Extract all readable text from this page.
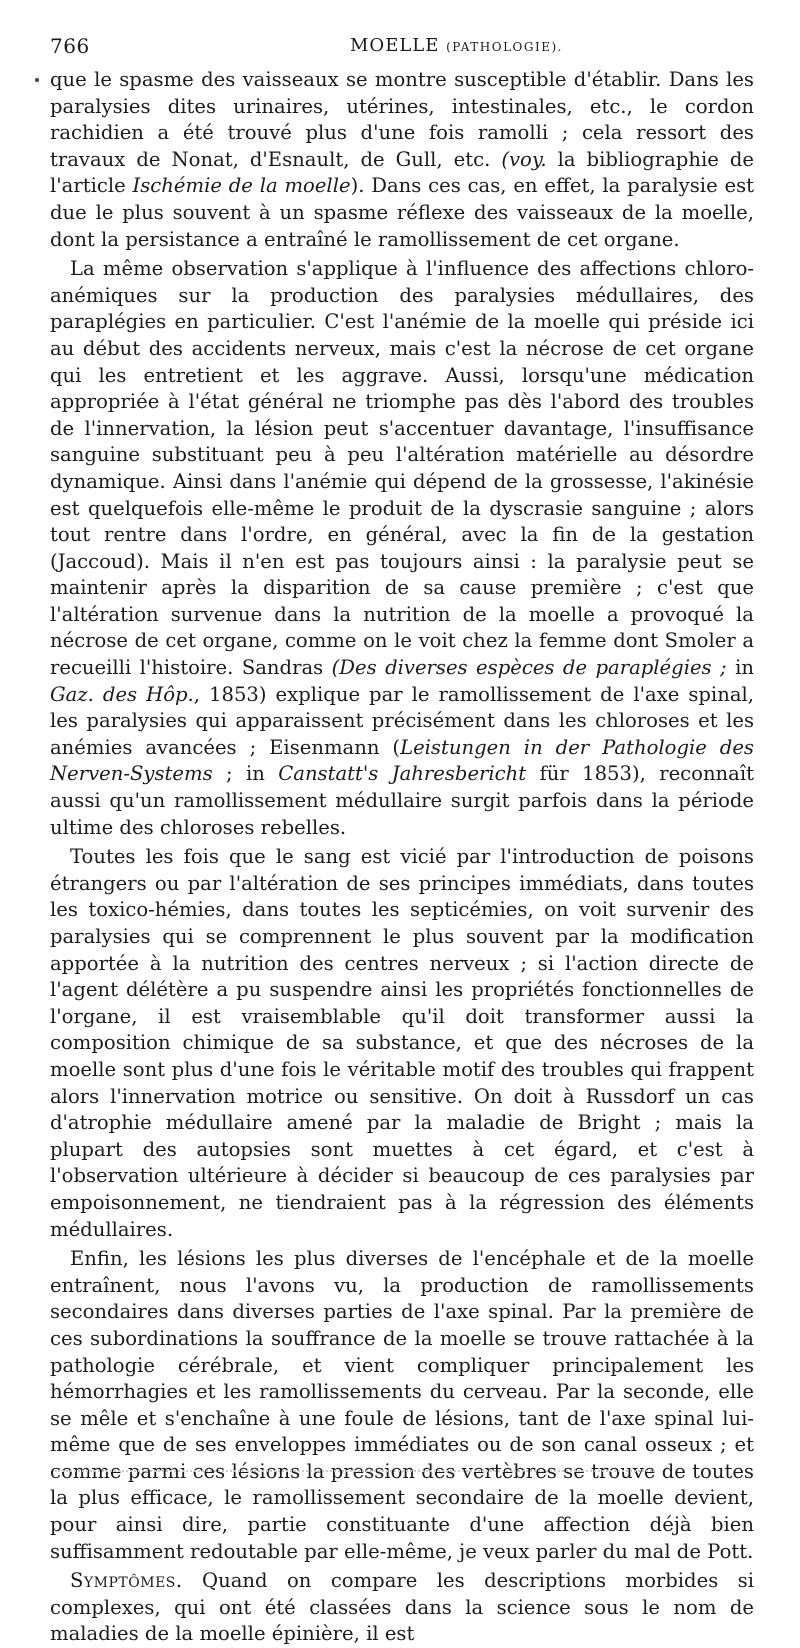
766	MOELLE (PATHOLOGIE).

que le spasme des vaisseaux se montre susceptible d'établir. Dans les paralysies dites urinaires, utérines, intestinales, etc., le cordon rachidien a été trouvé plus d'une fois ramolli ; cela ressort des travaux de Nonat, d'Esnault, de Gull, etc. (voy. la bibliographie de l'article Ischémie de la moelle). Dans ces cas, en effet, la paralysie est due le plus souvent à un spasme réflexe des vaisseaux de la moelle, dont la persistance a entraîné le ramollissement de cet organe.

La même observation s'applique à l'influence des affections chloro-anémiques sur la production des paralysies médullaires, des paraplégies en particulier. C'est l'anémie de la moelle qui préside ici au début des accidents nerveux, mais c'est la nécrose de cet organe qui les entretient et les aggrave. Aussi, lorsqu'une médication appropriée à l'état général ne triomphe pas dès l'abord des troubles de l'innervation, la lésion peut s'accentuer davantage, l'insuffisance sanguine substituant peu à peu l'altération matérielle au désordre dynamique. Ainsi dans l'anémie qui dépend de la grossesse, l'akinésie est quelquefois elle-même le produit de la dyscrasie sanguine ; alors tout rentre dans l'ordre, en général, avec la fin de la gestation (Jaccoud). Mais il n'en est pas toujours ainsi : la paralysie peut se maintenir après la disparition de sa cause première ; c'est que l'altération survenue dans la nutrition de la moelle a provoqué la nécrose de cet organe, comme on le voit chez la femme dont Smoler a recueilli l'histoire. Sandras (Des diverses espèces de paraplégies ; in Gaz. des Hôp., 1853) explique par le ramollissement de l'axe spinal, les paralysies qui apparaissent précisément dans les chloroses et les anémies avancées ; Eisenmann (Leistungen in der Pathologie des Nerven-Systems ; in Canstatt's Jahresbericht für 1853), reconnaît aussi qu'un ramollissement médullaire surgit parfois dans la période ultime des chloroses rebelles.

Toutes les fois que le sang est vicié par l'introduction de poisons étrangers ou par l'altération de ses principes immédiats, dans toutes les toxico-hémies, dans toutes les septicémies, on voit survenir des paralysies qui se comprennent le plus souvent par la modification apportée à la nutrition des centres nerveux ; si l'action directe de l'agent délétère a pu suspendre ainsi les propriétés fonctionnelles de l'organe, il est vraisemblable qu'il doit transformer aussi la composition chimique de sa substance, et que des nécroses de la moelle sont plus d'une fois le véritable motif des troubles qui frappent alors l'innervation motrice ou sensitive. On doit à Russdorf un cas d'atrophie médullaire amené par la maladie de Bright ; mais la plupart des autopsies sont muettes à cet égard, et c'est à l'observation ultérieure à décider si beaucoup de ces paralysies par empoisonnement, ne tiendraient pas à la régression des éléments médullaires.

Enfin, les lésions les plus diverses de l'encéphale et de la moelle entraînent, nous l'avons vu, la production de ramollissements secondaires dans diverses parties de l'axe spinal. Par la première de ces subordinations la souffrance de la moelle se trouve rattachée à la pathologie cérébrale, et vient compliquer principalement les hémorrhagies et les ramollissements du cerveau. Par la seconde, elle se mêle et s'enchaîne à une foule de lésions, tant de l'axe spinal lui-même que de ses enveloppes immédiates ou de son canal osseux ; et comme parmi ces lésions la pression des vertèbres se trouve de toutes la plus efficace, le ramollissement secondaire de la moelle devient, pour ainsi dire, partie constituante d'une affection déjà bien suffisamment redoutable par elle-même, je veux parler du mal de Pott.

Symptômes. Quand on compare les descriptions morbides si complexes, qui ont été classées dans la science sous le nom de maladies de la moelle épinière, il est
